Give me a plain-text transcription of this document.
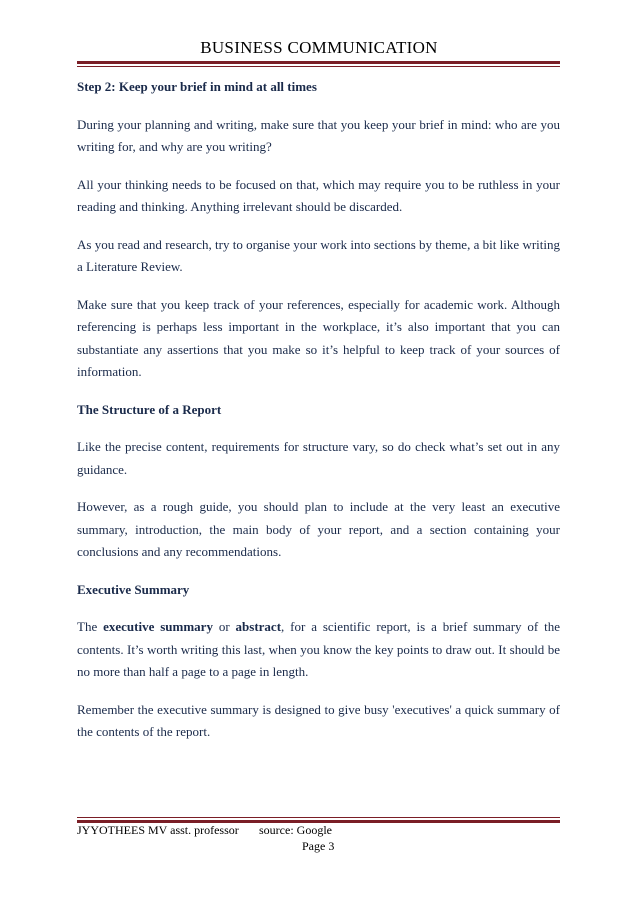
BUSINESS COMMUNICATION
Step 2: Keep your brief in mind at all times

During your planning and writing, make sure that you keep your brief in mind: who are you writing for, and why are you writing?

All your thinking needs to be focused on that, which may require you to be ruthless in your reading and thinking. Anything irrelevant should be discarded.

As you read and research, try to organise your work into sections by theme, a bit like writing a Literature Review.

Make sure that you keep track of your references, especially for academic work. Although referencing is perhaps less important in the workplace, it’s also important that you can substantiate any assertions that you make so it’s helpful to keep track of your sources of information.

The Structure of a Report

Like the precise content, requirements for structure vary, so do check what’s set out in any guidance.

However, as a rough guide, you should plan to include at the very least an executive summary, introduction, the main body of your report, and a section containing your conclusions and any recommendations.

Executive Summary

The executive summary or abstract, for a scientific report, is a brief summary of the contents. It’s worth writing this last, when you know the key points to draw out. It should be no more than half a page to a page in length.

Remember the executive summary is designed to give busy 'executives' a quick summary of the contents of the report.

JYYOTHEES MV asst. professor source: Google
Page 3
